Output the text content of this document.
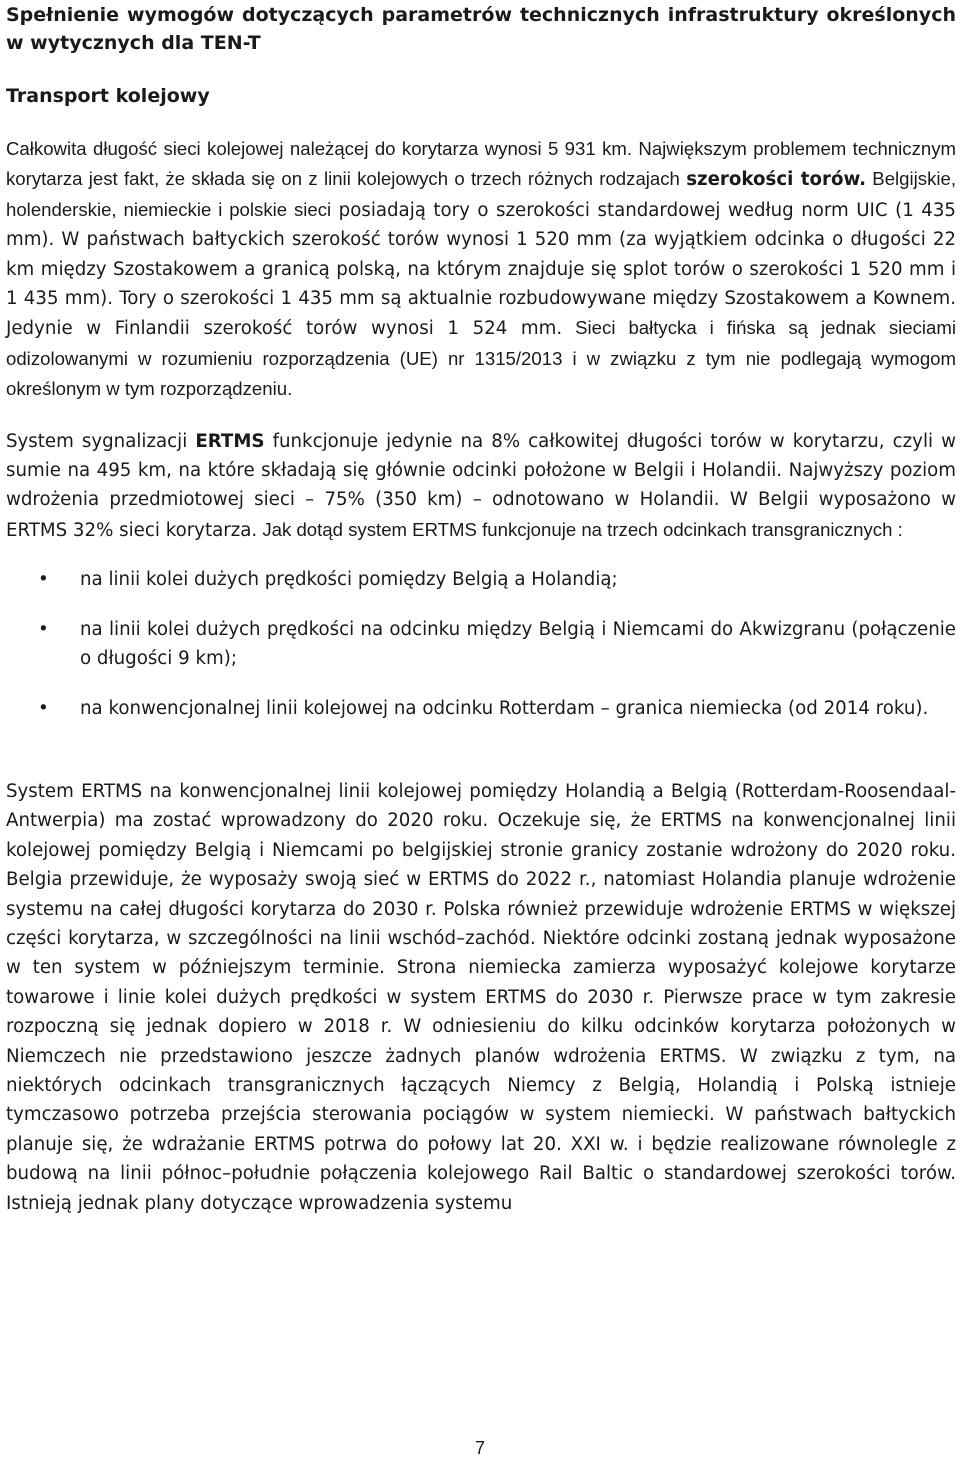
Spełnienie wymogów dotyczących parametrów technicznych infrastruktury określonych w wytycznych dla TEN-T
Transport kolejowy

Całkowita długość sieci kolejowej należącej do korytarza wynosi 5 931 km. Największym problemem technicznym korytarza jest fakt, że składa się on z linii kolejowych o trzech różnych rodzajach szerokości torów. Belgijskie, holenderskie, niemieckie i polskie sieci posiadają tory o szerokości standardowej według norm UIC (1 435 mm). W państwach bałtyckich szerokość torów wynosi 1 520 mm (za wyjątkiem odcinka o długości 22 km między Szostakowem a granicą polską, na którym znajduje się splot torów o szerokości 1 520 mm i 1 435 mm). Tory o szerokości 1 435 mm są aktualnie rozbudowywane między Szostakowem a Kownem. Jedynie w Finlandii szerokość torów wynosi 1 524 mm. Sieci bałtycka i fińska są jednak sieciami odizolowanymi w rozumieniu rozporządzenia (UE) nr 1315/2013 i w związku z tym nie podlegają wymogom określonym w tym rozporządzeniu.

System sygnalizacji ERTMS funkcjonuje jedynie na 8% całkowitej długości torów w korytarzu, czyli w sumie na 495 km, na które składają się głównie odcinki położone w Belgii i Holandii. Najwyższy poziom wdrożenia przedmiotowej sieci – 75% (350 km) – odnotowano w Holandii. W Belgii wyposażono w ERTMS 32% sieci korytarza. Jak dotąd system ERTMS funkcjonuje na trzech odcinkach transgranicznych :

• na linii kolei dużych prędkości pomiędzy Belgią a Holandią;
• na linii kolei dużych prędkości na odcinku między Belgią i Niemcami do Akwizgranu (połączenie o długości 9 km);
• na konwencjonalnej linii kolejowej na odcinku Rotterdam – granica niemiecka (od 2014 roku).

System ERTMS na konwencjonalnej linii kolejowej pomiędzy Holandią a Belgią (Rotterdam-Roosendaal-Antwerpia) ma zostać wprowadzony do 2020 roku. Oczekuje się, że ERTMS na konwencjonalnej linii kolejowej pomiędzy Belgią i Niemcami po belgijskiej stronie granicy zostanie wdrożony do 2020 roku. Belgia przewiduje, że wyposaży swoją sieć w ERTMS do 2022 r., natomiast Holandia planuje wdrożenie systemu na całej długości korytarza do 2030 r. Polska również przewiduje wdrożenie ERTMS w większej części korytarza, w szczególności na linii wschód–zachód. Niektóre odcinki zostaną jednak wyposażone w ten system w późniejszym terminie. Strona niemiecka zamierza wyposażyć kolejowe korytarze towarowe i linie kolei dużych prędkości w system ERTMS do 2030 r. Pierwsze prace w tym zakresie rozpoczną się jednak dopiero w 2018 r. W odniesieniu do kilku odcinków korytarza położonych w Niemczech nie przedstawiono jeszcze żadnych planów wdrożenia ERTMS. W związku z tym, na niektórych odcinkach transgranicznych łączących Niemcy z Belgią, Holandią i Polską istnieje tymczasowo potrzeba przejścia sterowania pociągów w system niemiecki. W państwach bałtyckich planuje się, że wdrażanie ERTMS potrwa do połowy lat 20. XXI w. i będzie realizowane równolegle z budową na linii północ–południe połączenia kolejowego Rail Baltic o standardowej szerokości torów. Istnieją jednak plany dotyczące wprowadzenia systemu

7
